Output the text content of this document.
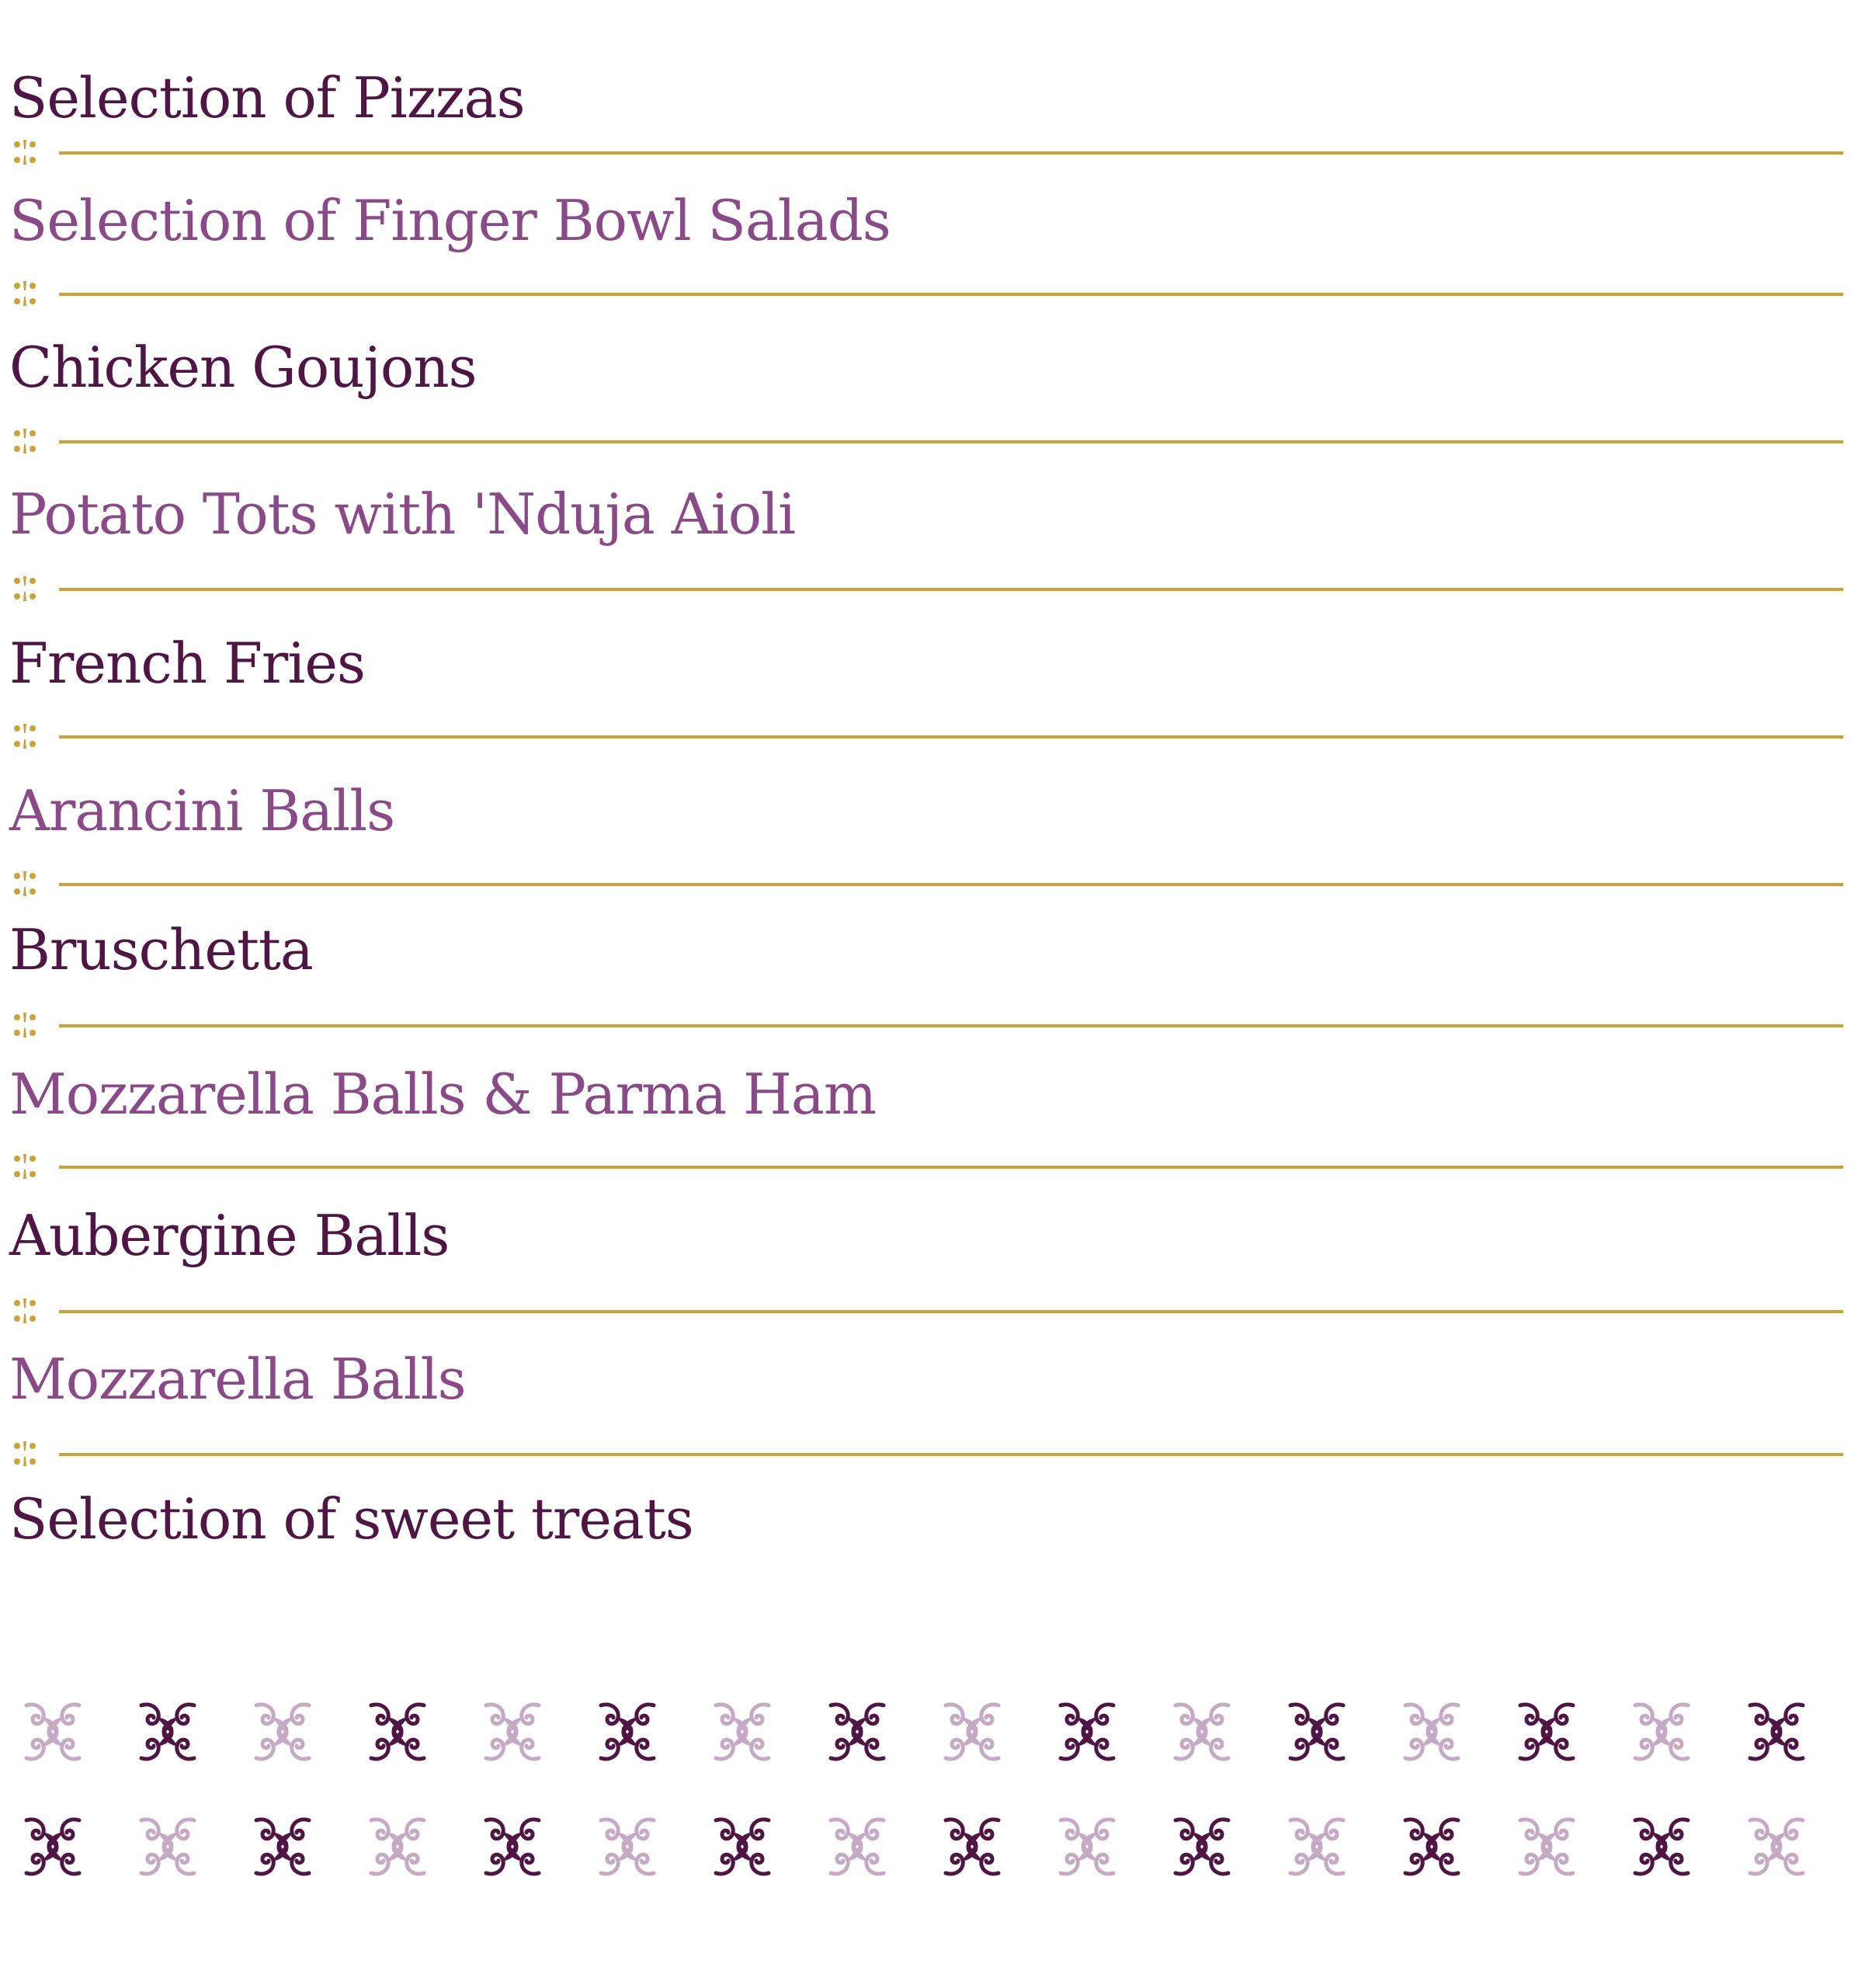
Selection of Pizzas
Selection of Finger Bowl Salads
Chicken Goujons
Potato Tots with 'Nduja Aioli
French Fries
Arancini Balls
Bruschetta
Mozzarella Balls & Parma Ham
Aubergine Balls
Mozzarella Balls
Selection of sweet treats
